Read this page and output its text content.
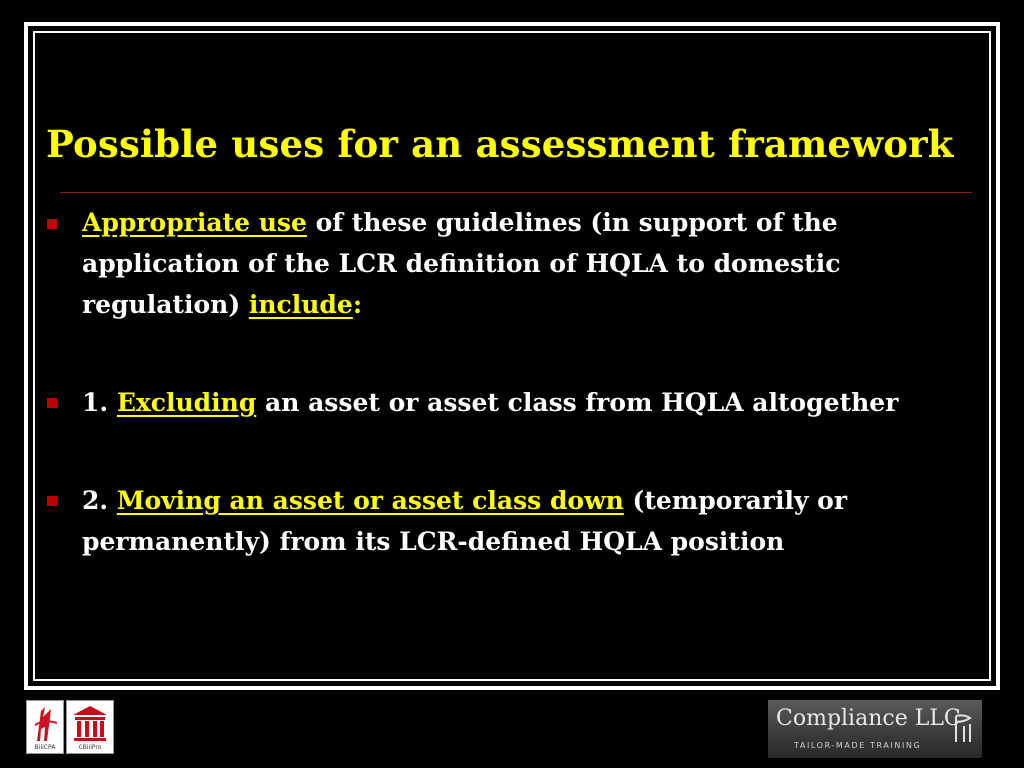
Possible uses for an assessment framework

Appropriate use of these guidelines (in support of the application of the LCR definition of HQLA to domestic regulation) include:

1. Excluding an asset or asset class from HQLA altogether

2. Moving an asset or asset class down (temporarily or permanently) from its LCR-defined HQLA position

BiiiCPA	CBiiiPro
Compliance LLC
TAILOR-MADE TRAINING
